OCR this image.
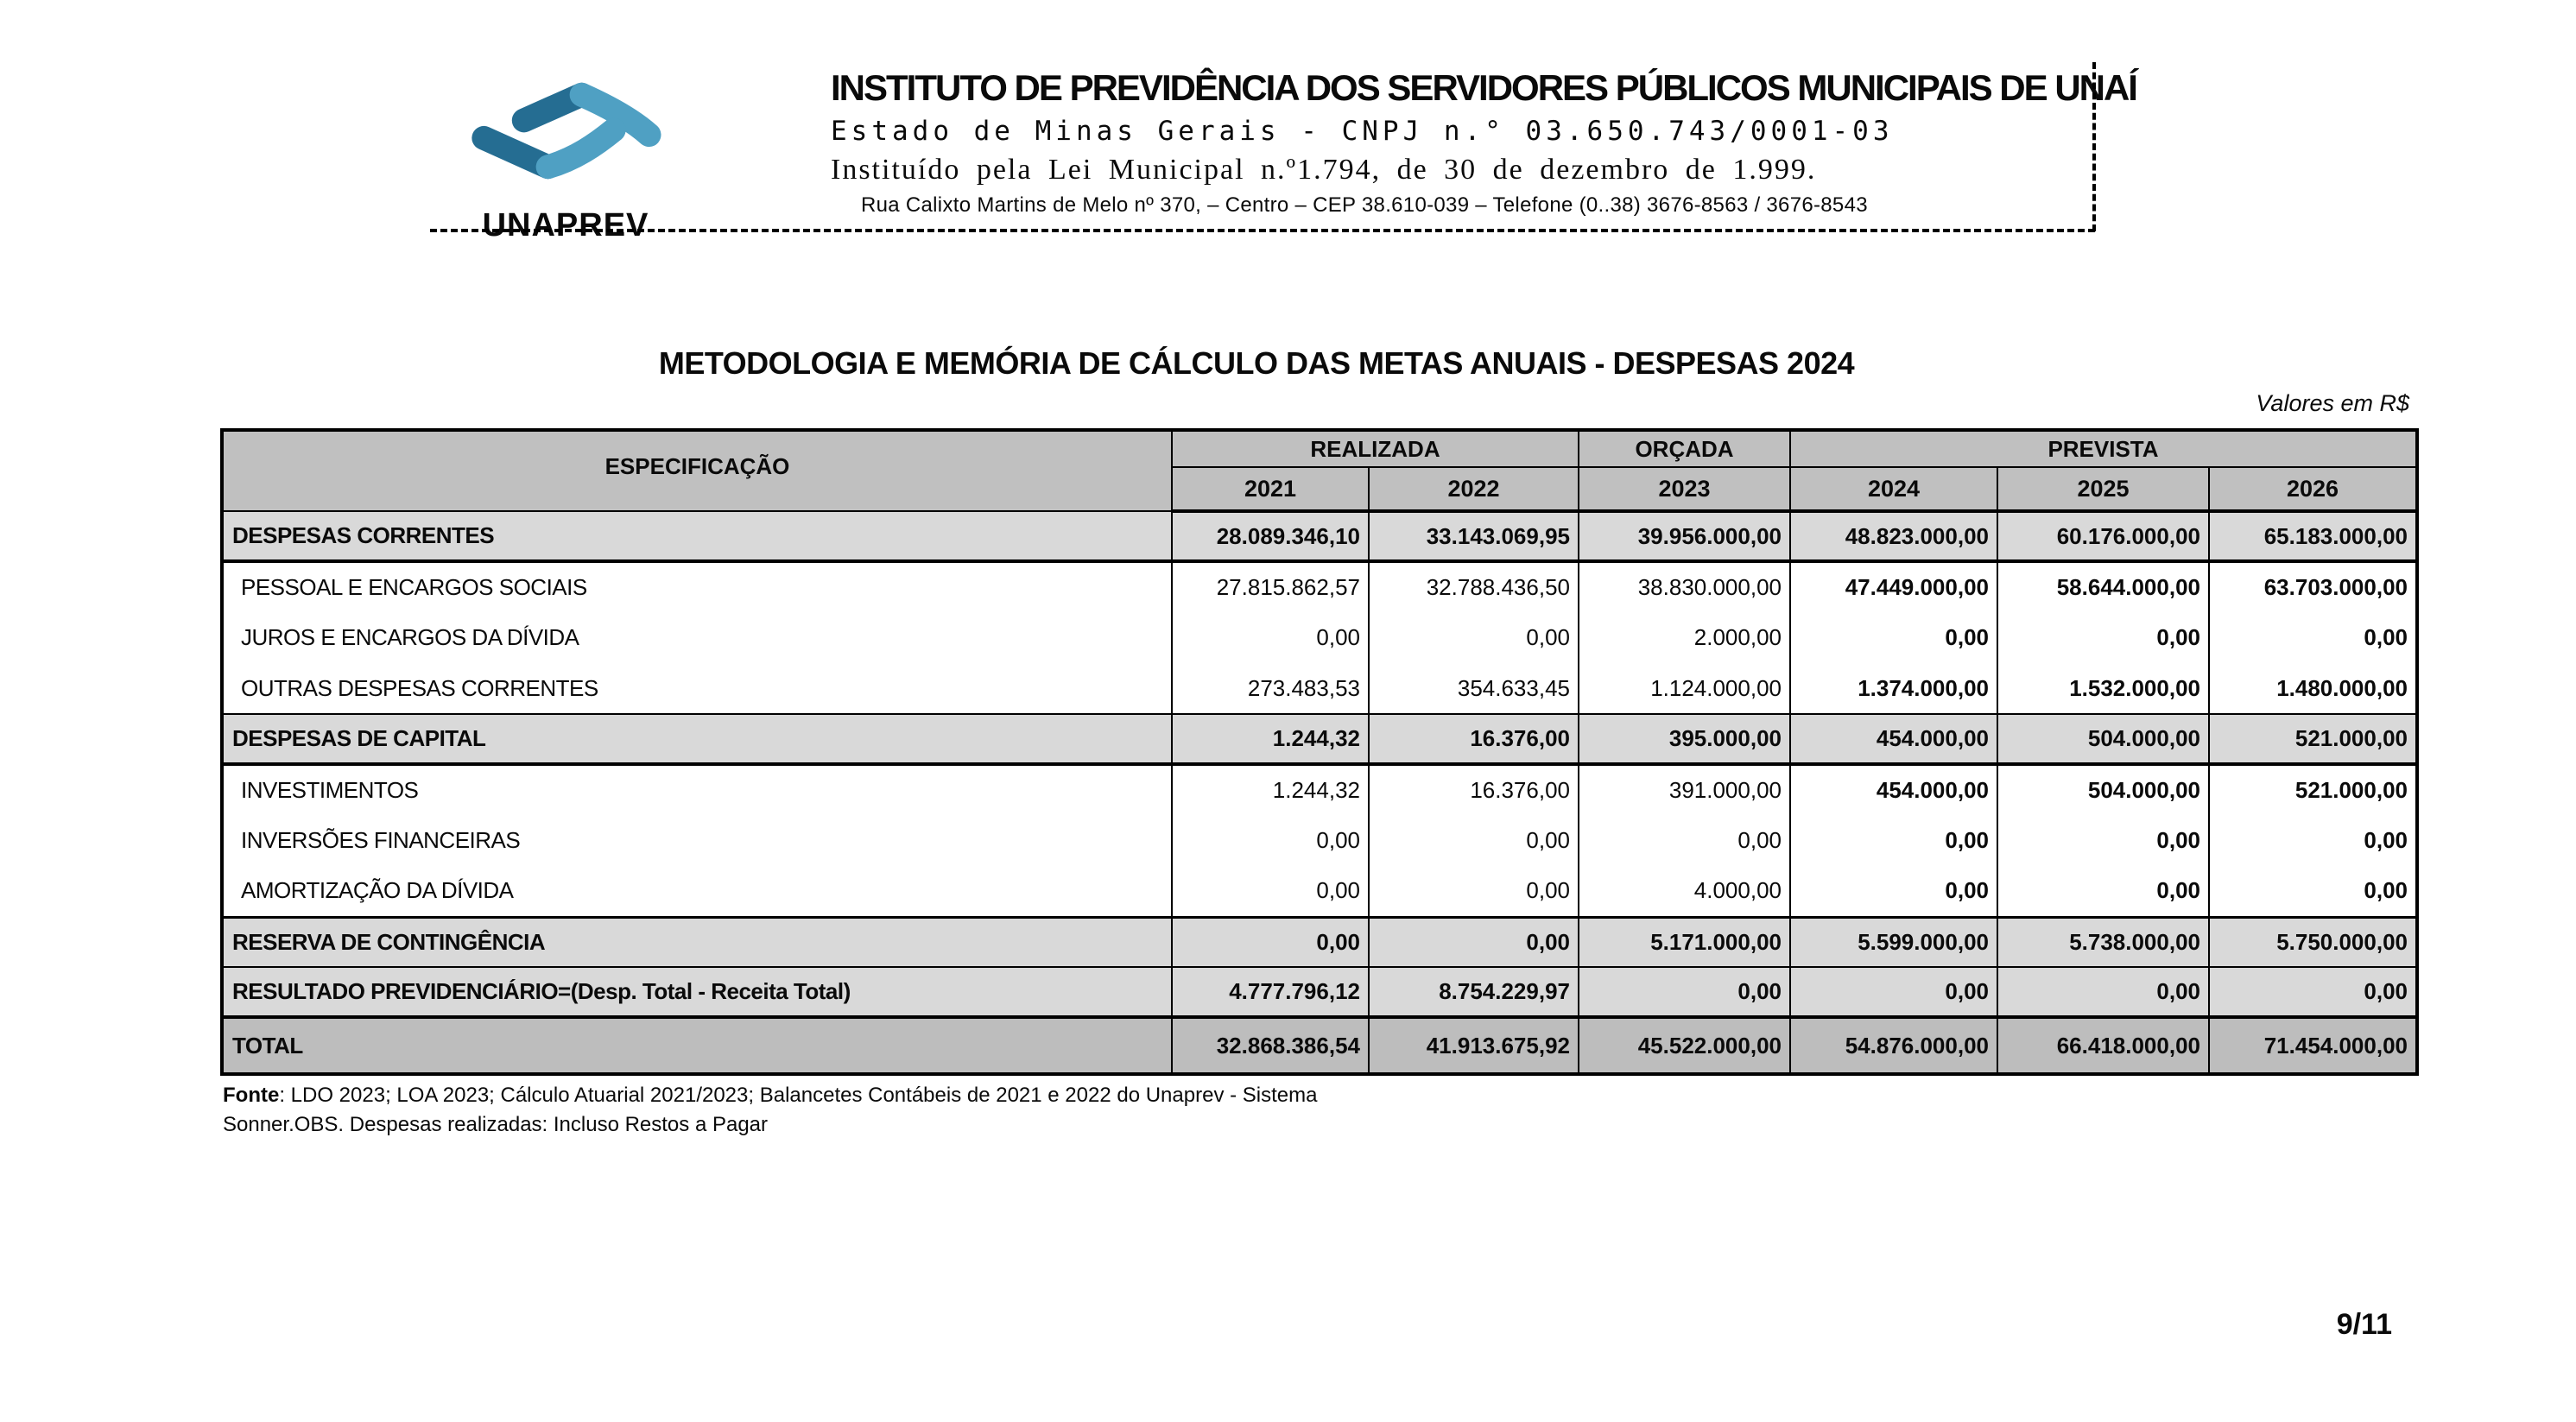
UNAPREV
INSTITUTO DE PREVIDÊNCIA DOS SERVIDORES PÚBLICOS MUNICIPAIS DE UNAÍ
Estado de Minas Gerais - CNPJ n.° 03.650.743/0001-03
Instituído pela Lei Municipal n.º1.794, de 30 de dezembro de 1.999.
Rua Calixto Martins de Melo nº 370, – Centro – CEP 38.610-039 – Telefone (0..38) 3676-8563 / 3676-8543
METODOLOGIA E MEMÓRIA DE CÁLCULO DAS METAS ANUAIS - DESPESAS 2024
Valores em R$
ESPECIFICAÇÃO	REALIZADA		ORÇADA	PREVISTA		
	2021	2022	2023	2024	2025	2026
DESPESAS CORRENTES	28.089.346,10	33.143.069,95	39.956.000,00	48.823.000,00	60.176.000,00	65.183.000,00
PESSOAL E ENCARGOS SOCIAIS	27.815.862,57	32.788.436,50	38.830.000,00	47.449.000,00	58.644.000,00	63.703.000,00
JUROS E ENCARGOS DA DÍVIDA	0,00	0,00	2.000,00	0,00	0,00	0,00
OUTRAS DESPESAS CORRENTES	273.483,53	354.633,45	1.124.000,00	1.374.000,00	1.532.000,00	1.480.000,00
DESPESAS DE CAPITAL	1.244,32	16.376,00	395.000,00	454.000,00	504.000,00	521.000,00
INVESTIMENTOS	1.244,32	16.376,00	391.000,00	454.000,00	504.000,00	521.000,00
INVERSÕES FINANCEIRAS	0,00	0,00	0,00	0,00	0,00	0,00
AMORTIZAÇÃO DA DÍVIDA	0,00	0,00	4.000,00	0,00	0,00	0,00
RESERVA DE CONTINGÊNCIA	0,00	0,00	5.171.000,00	5.599.000,00	5.738.000,00	5.750.000,00
RESULTADO PREVIDENCIÁRIO=(Desp. Total - Receita Total)	4.777.796,12	8.754.229,97	0,00	0,00	0,00	0,00
TOTAL	32.868.386,54	41.913.675,92	45.522.000,00	54.876.000,00	66.418.000,00	71.454.000,00
Fonte: LDO 2023; LOA 2023; Cálculo Atuarial 2021/2023; Balancetes Contábeis de 2021 e 2022 do Unaprev - Sistema
Sonner.OBS. Despesas realizadas: Incluso Restos a Pagar
9/11
